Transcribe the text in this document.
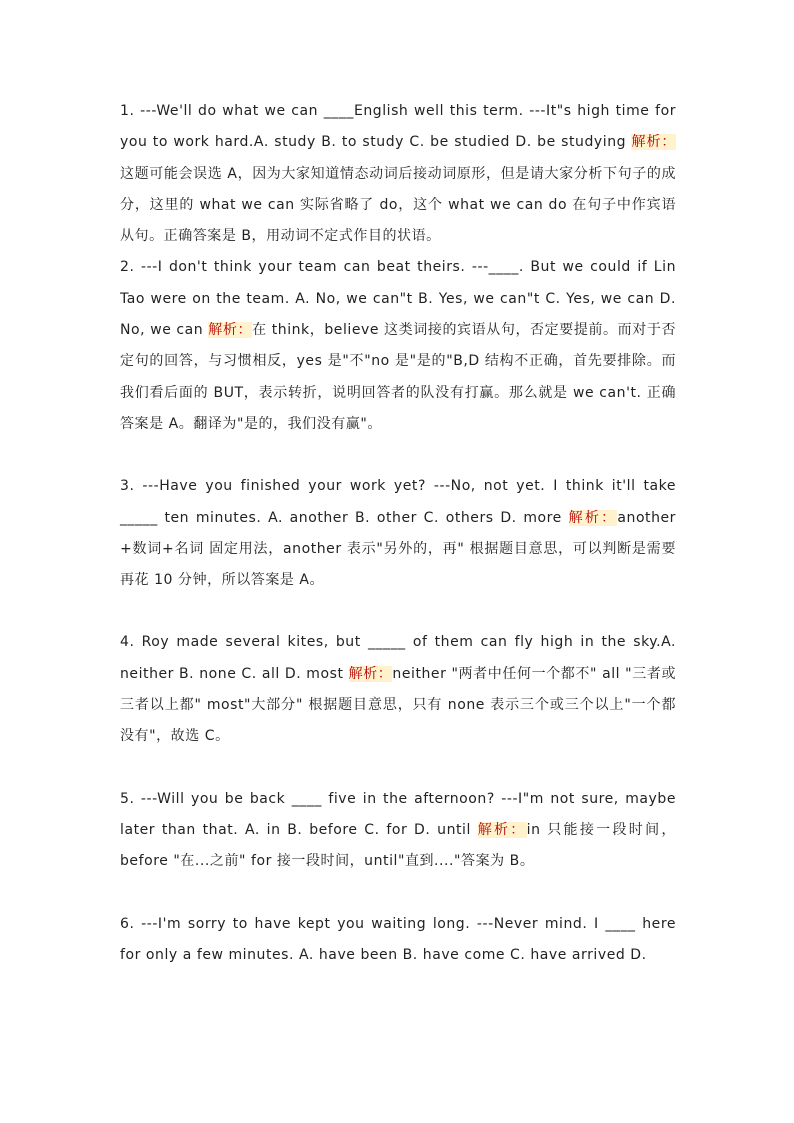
1. ---We'll do what we can ____English well this term. ---It"s high time for you to work hard.A. study B. to study C. be studied D. be studying 解析：这题可能会误选 A，因为大家知道情态动词后接动词原形，但是请大家分析下句子的成分，这里的 what we can 实际省略了 do，这个 what we can do 在句子中作宾语从句。正确答案是 B，用动词不定式作目的状语。

2. ---I don't think your team can beat theirs. ---____. But we could if Lin Tao were on the team. A. No, we can"t B. Yes, we can"t C. Yes, we can D. No, we can 解析：在 think，believe 这类词接的宾语从句，否定要提前。而对于否定句的回答，与习惯相反，yes 是"不"no 是"是的"B,D 结构不正确，首先要排除。而我们看后面的 BUT，表示转折，说明回答者的队没有打赢。那么就是 we can't. 正确答案是 A。翻译为"是的，我们没有赢"。

3. ---Have you finished your work yet? ---No, not yet. I think it'll take _____ ten minutes. A. another B. other C. others D. more 解析：another +数词+名词 固定用法，another 表示"另外的，再" 根据题目意思，可以判断是需要再花 10 分钟，所以答案是 A。

4. Roy made several kites, but _____ of them can fly high in the sky.A. neither B. none C. all D. most 解析：neither "两者中任何一个都不" all "三者或三者以上都" most"大部分" 根据题目意思，只有 none 表示三个或三个以上"一个都没有"，故选 C。

5. ---Will you be back ____ five in the afternoon? ---I"m not sure, maybe later than that. A. in B. before C. for D. until 解析：in 只能接一段时间，before "在...之前" for 接一段时间，until"直到...."答案为 B。

6. ---I'm sorry to have kept you waiting long. ---Never mind. I ____ here for only a few minutes. A. have been B. have come C. have arrived D.
